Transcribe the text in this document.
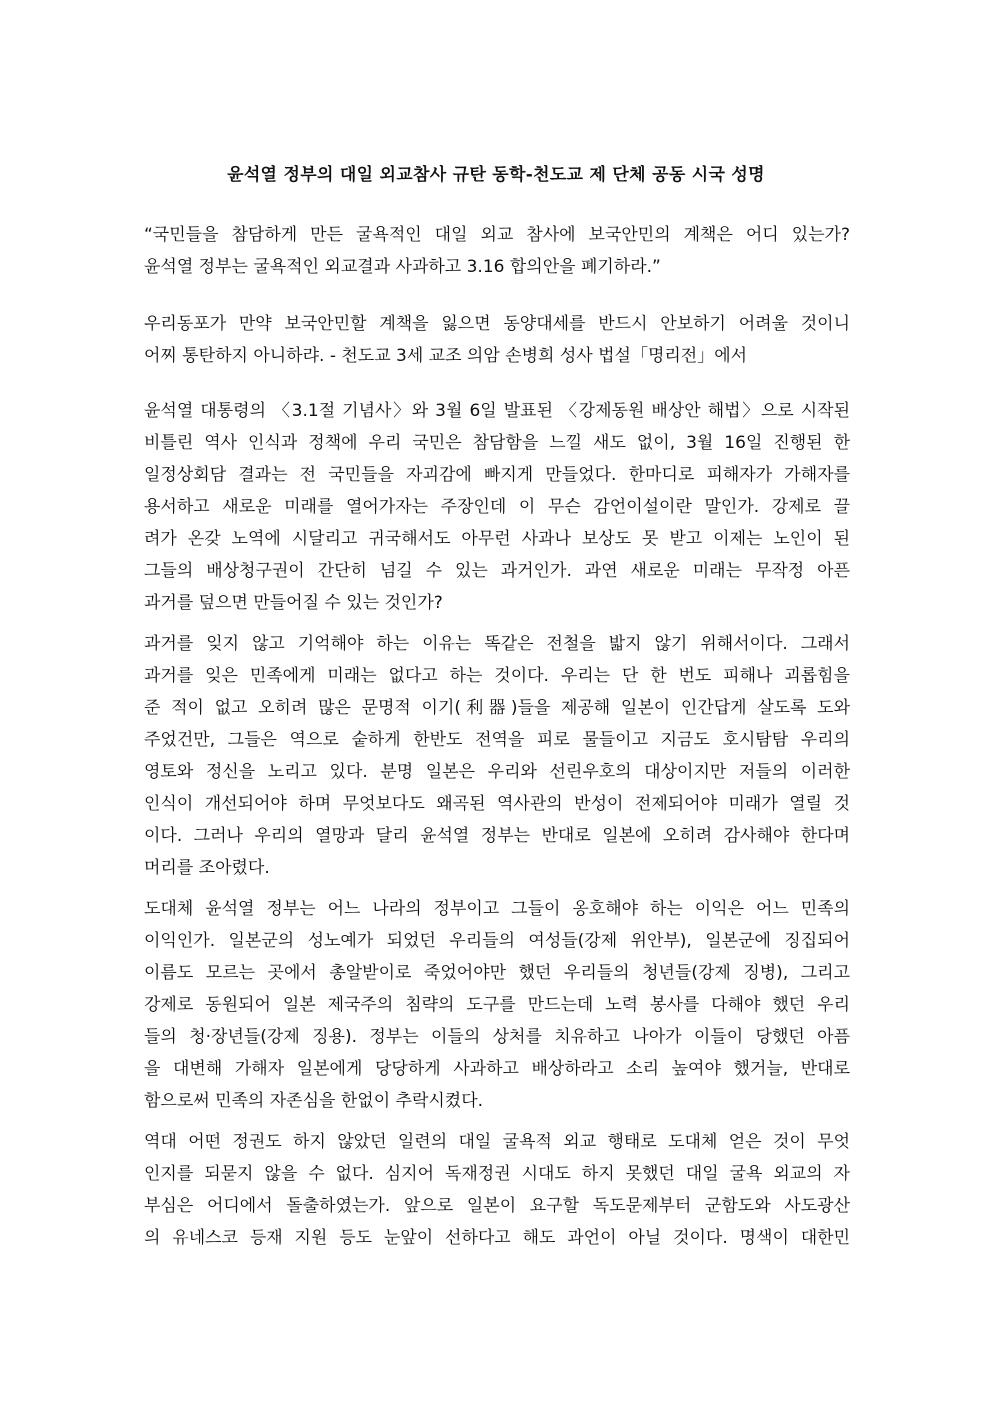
윤석열 정부의 대일 외교참사 규탄 동학-천도교 제 단체 공동 시국 성명
“국민들을 참담하게 만든 굴욕적인 대일 외교 참사에 보국안민의 계책은 어디 있는가?
윤석열 정부는 굴욕적인 외교결과 사과하고 3.16 합의안을 폐기하라.”
우리동포가 만약 보국안민할 계책을 잃으면 동양대세를 반드시 안보하기 어려울 것이니
어찌 통탄하지 아니하랴. - 천도교 3세 교조 의암 손병희 성사 법설「명리전」에서
윤석열 대통령의 〈3.1절 기념사〉와 3월 6일 발표된 〈강제동원 배상안 해법〉으로 시작된
비틀린 역사 인식과 정책에 우리 국민은 참담함을 느낄 새도 없이, 3월 16일 진행된 한
일정상회담 결과는 전 국민들을 자괴감에 빠지게 만들었다. 한마디로 피해자가 가해자를
용서하고 새로운 미래를 열어가자는 주장인데 이 무슨 감언이설이란 말인가. 강제로 끌
려가 온갖 노역에 시달리고 귀국해서도 아무런 사과나 보상도 못 받고 이제는 노인이 된
그들의 배상청구권이 간단히 넘길 수 있는 과거인가. 과연 새로운 미래는 무작정 아픈
과거를 덮으면 만들어질 수 있는 것인가?
과거를 잊지 않고 기억해야 하는 이유는 똑같은 전철을 밟지 않기 위해서이다. 그래서
과거를 잊은 민족에게 미래는 없다고 하는 것이다. 우리는 단 한 번도 피해나 괴롭힘을
준 적이 없고 오히려 많은 문명적 이기(利器)들을 제공해 일본이 인간답게 살도록 도와
주었건만, 그들은 역으로 숱하게 한반도 전역을 피로 물들이고 지금도 호시탐탐 우리의
영토와 정신을 노리고 있다. 분명 일본은 우리와 선린우호의 대상이지만 저들의 이러한
인식이 개선되어야 하며 무엇보다도 왜곡된 역사관의 반성이 전제되어야 미래가 열릴 것
이다. 그러나 우리의 열망과 달리 윤석열 정부는 반대로 일본에 오히려 감사해야 한다며
머리를 조아렸다.
도대체 윤석열 정부는 어느 나라의 정부이고 그들이 옹호해야 하는 이익은 어느 민족의
이익인가. 일본군의 성노예가 되었던 우리들의 여성들(강제 위안부), 일본군에 징집되어
이름도 모르는 곳에서 총알받이로 죽었어야만 했던 우리들의 청년들(강제 징병), 그리고
강제로 동원되어 일본 제국주의 침략의 도구를 만드는데 노력 봉사를 다해야 했던 우리
들의 청·장년들(강제 징용). 정부는 이들의 상처를 치유하고 나아가 이들이 당했던 아픔
을 대변해 가해자 일본에게 당당하게 사과하고 배상하라고 소리 높여야 했거늘, 반대로
함으로써 민족의 자존심을 한없이 추락시켰다.
역대 어떤 정권도 하지 않았던 일련의 대일 굴욕적 외교 행태로 도대체 얻은 것이 무엇
인지를 되묻지 않을 수 없다. 심지어 독재정권 시대도 하지 못했던 대일 굴욕 외교의 자
부심은 어디에서 돌출하였는가. 앞으로 일본이 요구할 독도문제부터 군함도와 사도광산
의 유네스코 등재 지원 등도 눈앞이 선하다고 해도 과언이 아닐 것이다. 명색이 대한민
